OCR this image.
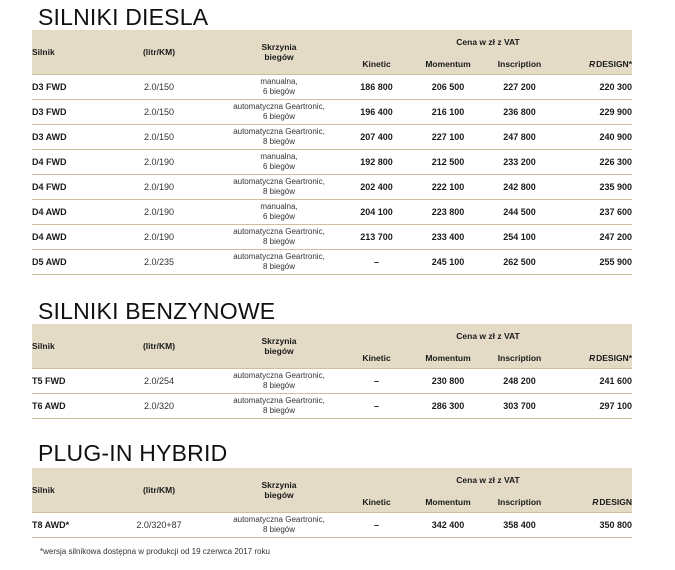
SILNIKI DIESLA
Silnik	(litr/KM)	Skrzynia
biegów	Cena w zł z VAT			
			Kinetic	Momentum	Inscription	R DESIGN*
D3 FWD	2.0/150	manualna,
6 biegów	186 800	206 500	227 200	220 300
D3 FWD	2.0/150	automatyczna Geartronic,
6 biegów	196 400	216 100	236 800	229 900
D3 AWD	2.0/150	automatyczna Geartronic,
8 biegów	207 400	227 100	247 800	240 900
D4 FWD	2.0/190	manualna,
6 biegów	192 800	212 500	233 200	226 300
D4 FWD	2.0/190	automatyczna Geartronic,
8 biegów	202 400	222 100	242 800	235 900
D4 AWD	2.0/190	manualna,
6 biegów	204 100	223 800	244 500	237 600
D4 AWD	2.0/190	automatyczna Geartronic,
8 biegów	213 700	233 400	254 100	247 200
D5 AWD	2.0/235	automatyczna Geartronic,
8 biegów	–	245 100	262 500	255 900
SILNIKI BENZYNOWE
Silnik	(litr/KM)	Skrzynia
biegów	Cena w zł z VAT			
			Kinetic	Momentum	Inscription	R DESIGN*
T5 FWD	2.0/254	automatyczna Geartronic,
8 biegów	–	230 800	248 200	241 600
T6 AWD	2.0/320	automatyczna Geartronic,
8 biegów	–	286 300	303 700	297 100
PLUG-IN HYBRID
Silnik	(litr/KM)	Skrzynia
biegów	Cena w zł z VAT			
			Kinetic	Momentum	Inscription	R DESIGN
T8 AWD*	2.0/320+87	automatyczna Geartronic,
8 biegów	–	342 400	358 400	350 800
*wersja silnikowa dostępna w produkcji od 19 czerwca 2017 roku
